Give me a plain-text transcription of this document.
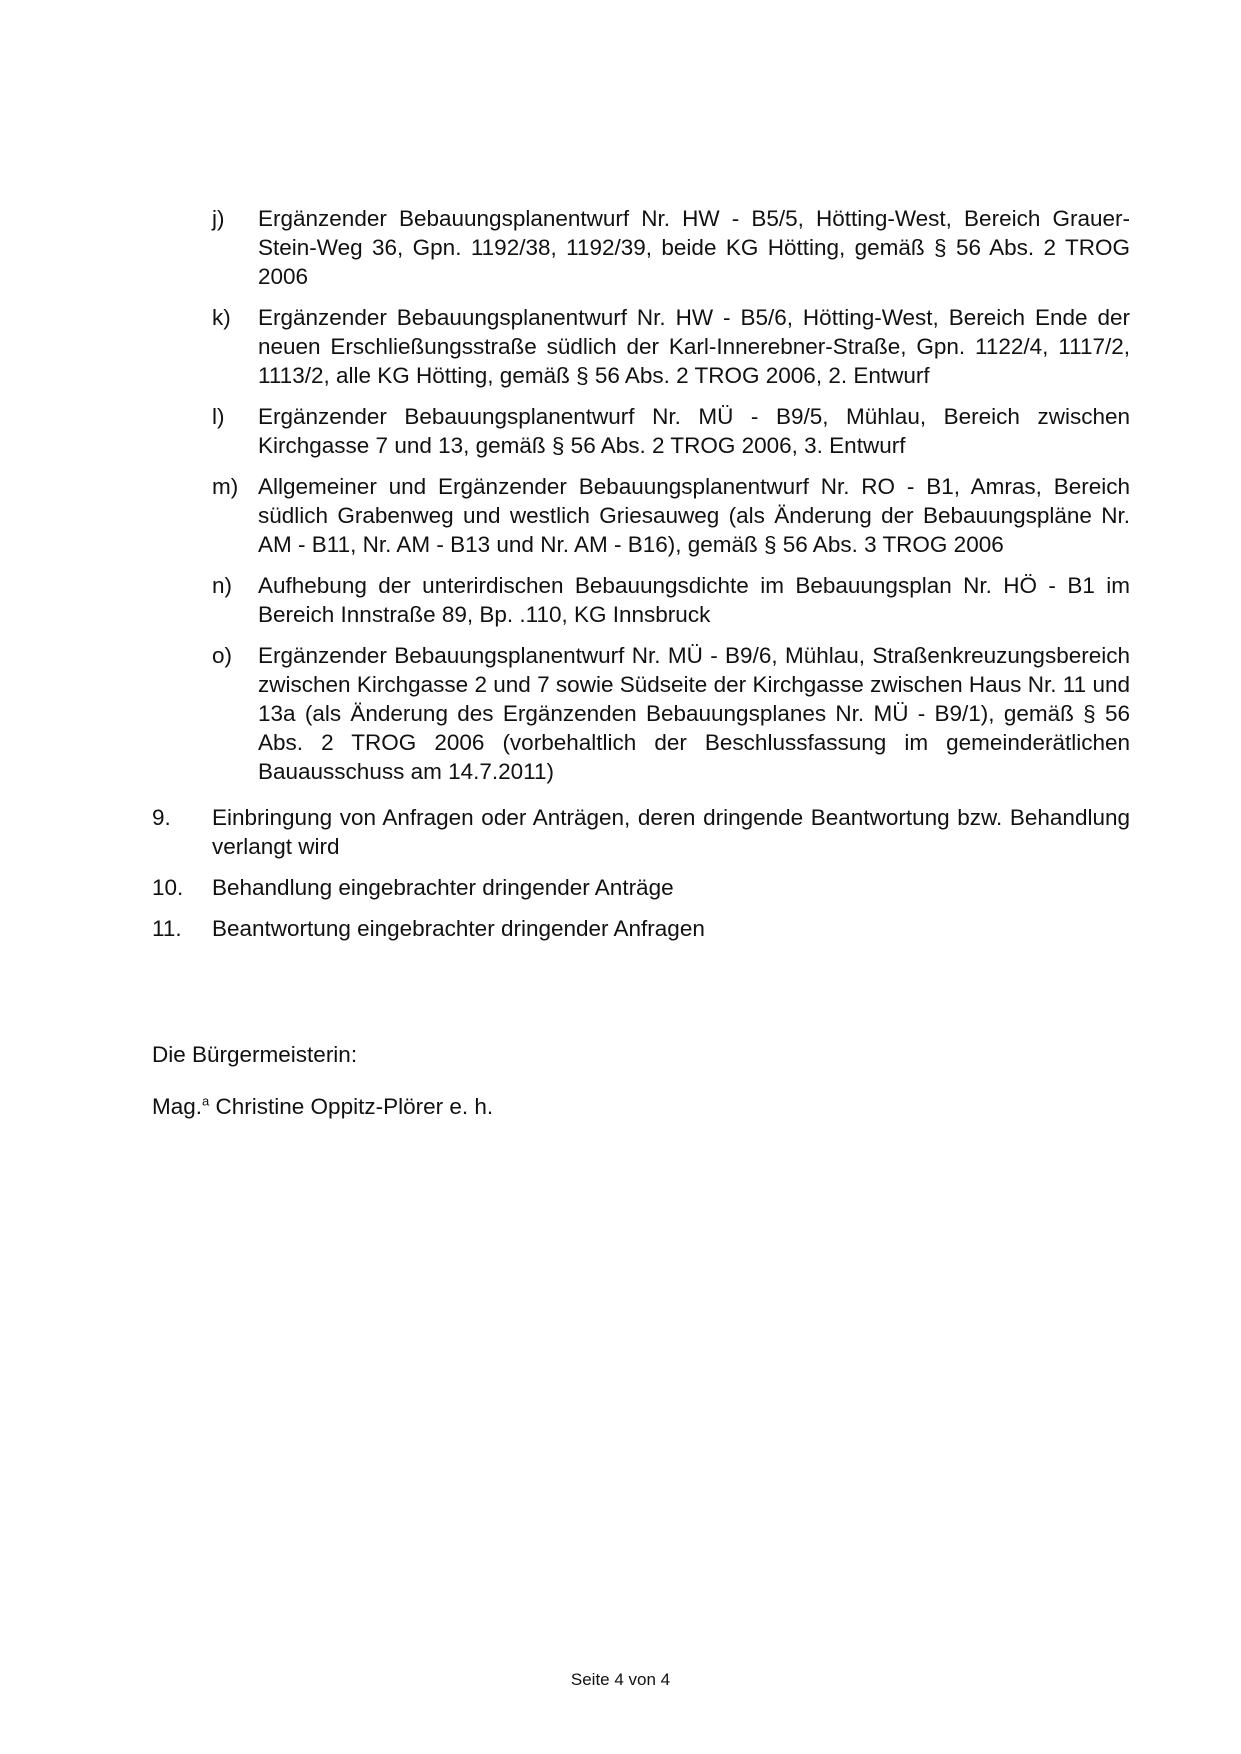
j)	Ergänzender Bebauungsplanentwurf Nr. HW - B5/5, Hötting-West, Bereich Grauer-Stein-Weg 36, Gpn. 1192/38, 1192/39, beide KG Hötting, gemäß § 56 Abs. 2 TROG 2006
k)	Ergänzender Bebauungsplanentwurf Nr. HW - B5/6, Hötting-West, Bereich Ende der neuen Erschließungsstraße südlich der Karl-Innerebner-Straße, Gpn. 1122/4, 1117/2, 1113/2, alle KG Hötting, gemäß § 56 Abs. 2 TROG 2006, 2. Entwurf
l)	Ergänzender Bebauungsplanentwurf Nr. MÜ - B9/5, Mühlau, Bereich zwischen Kirchgasse 7 und 13, gemäß § 56 Abs. 2 TROG 2006, 3. Entwurf
m) Allgemeiner und Ergänzender Bebauungsplanentwurf Nr. RO - B1, Amras, Bereich südlich Grabenweg und westlich Griesauweg (als Änderung der Bebauungspläne Nr. AM - B11, Nr. AM - B13 und Nr. AM - B16), gemäß § 56 Abs. 3 TROG 2006
n)	Aufhebung der unterirdischen Bebauungsdichte im Bebauungsplan Nr. HÖ - B1 im Bereich Innstraße 89, Bp. .110, KG Innsbruck
o)	Ergänzender Bebauungsplanentwurf Nr. MÜ - B9/6, Mühlau, Straßenkreuzungsbereich zwischen Kirchgasse 2 und 7 sowie Südseite der Kirchgasse zwischen Haus Nr. 11 und 13a (als Änderung des Ergänzenden Bebauungsplanes Nr. MÜ - B9/1), gemäß § 56 Abs. 2 TROG 2006 (vorbehaltlich der Beschlussfassung im gemeinderätlichen Bauausschuss am 14.7.2011)
9.	Einbringung von Anfragen oder Anträgen, deren dringende Beantwortung bzw. Behandlung verlangt wird
10.	Behandlung eingebrachter dringender Anträge
11.	Beantwortung eingebrachter dringender Anfragen
Die Bürgermeisterin:
Mag.$^a$ Christine Oppitz-Plörer e. h.
Seite 4 von 4
